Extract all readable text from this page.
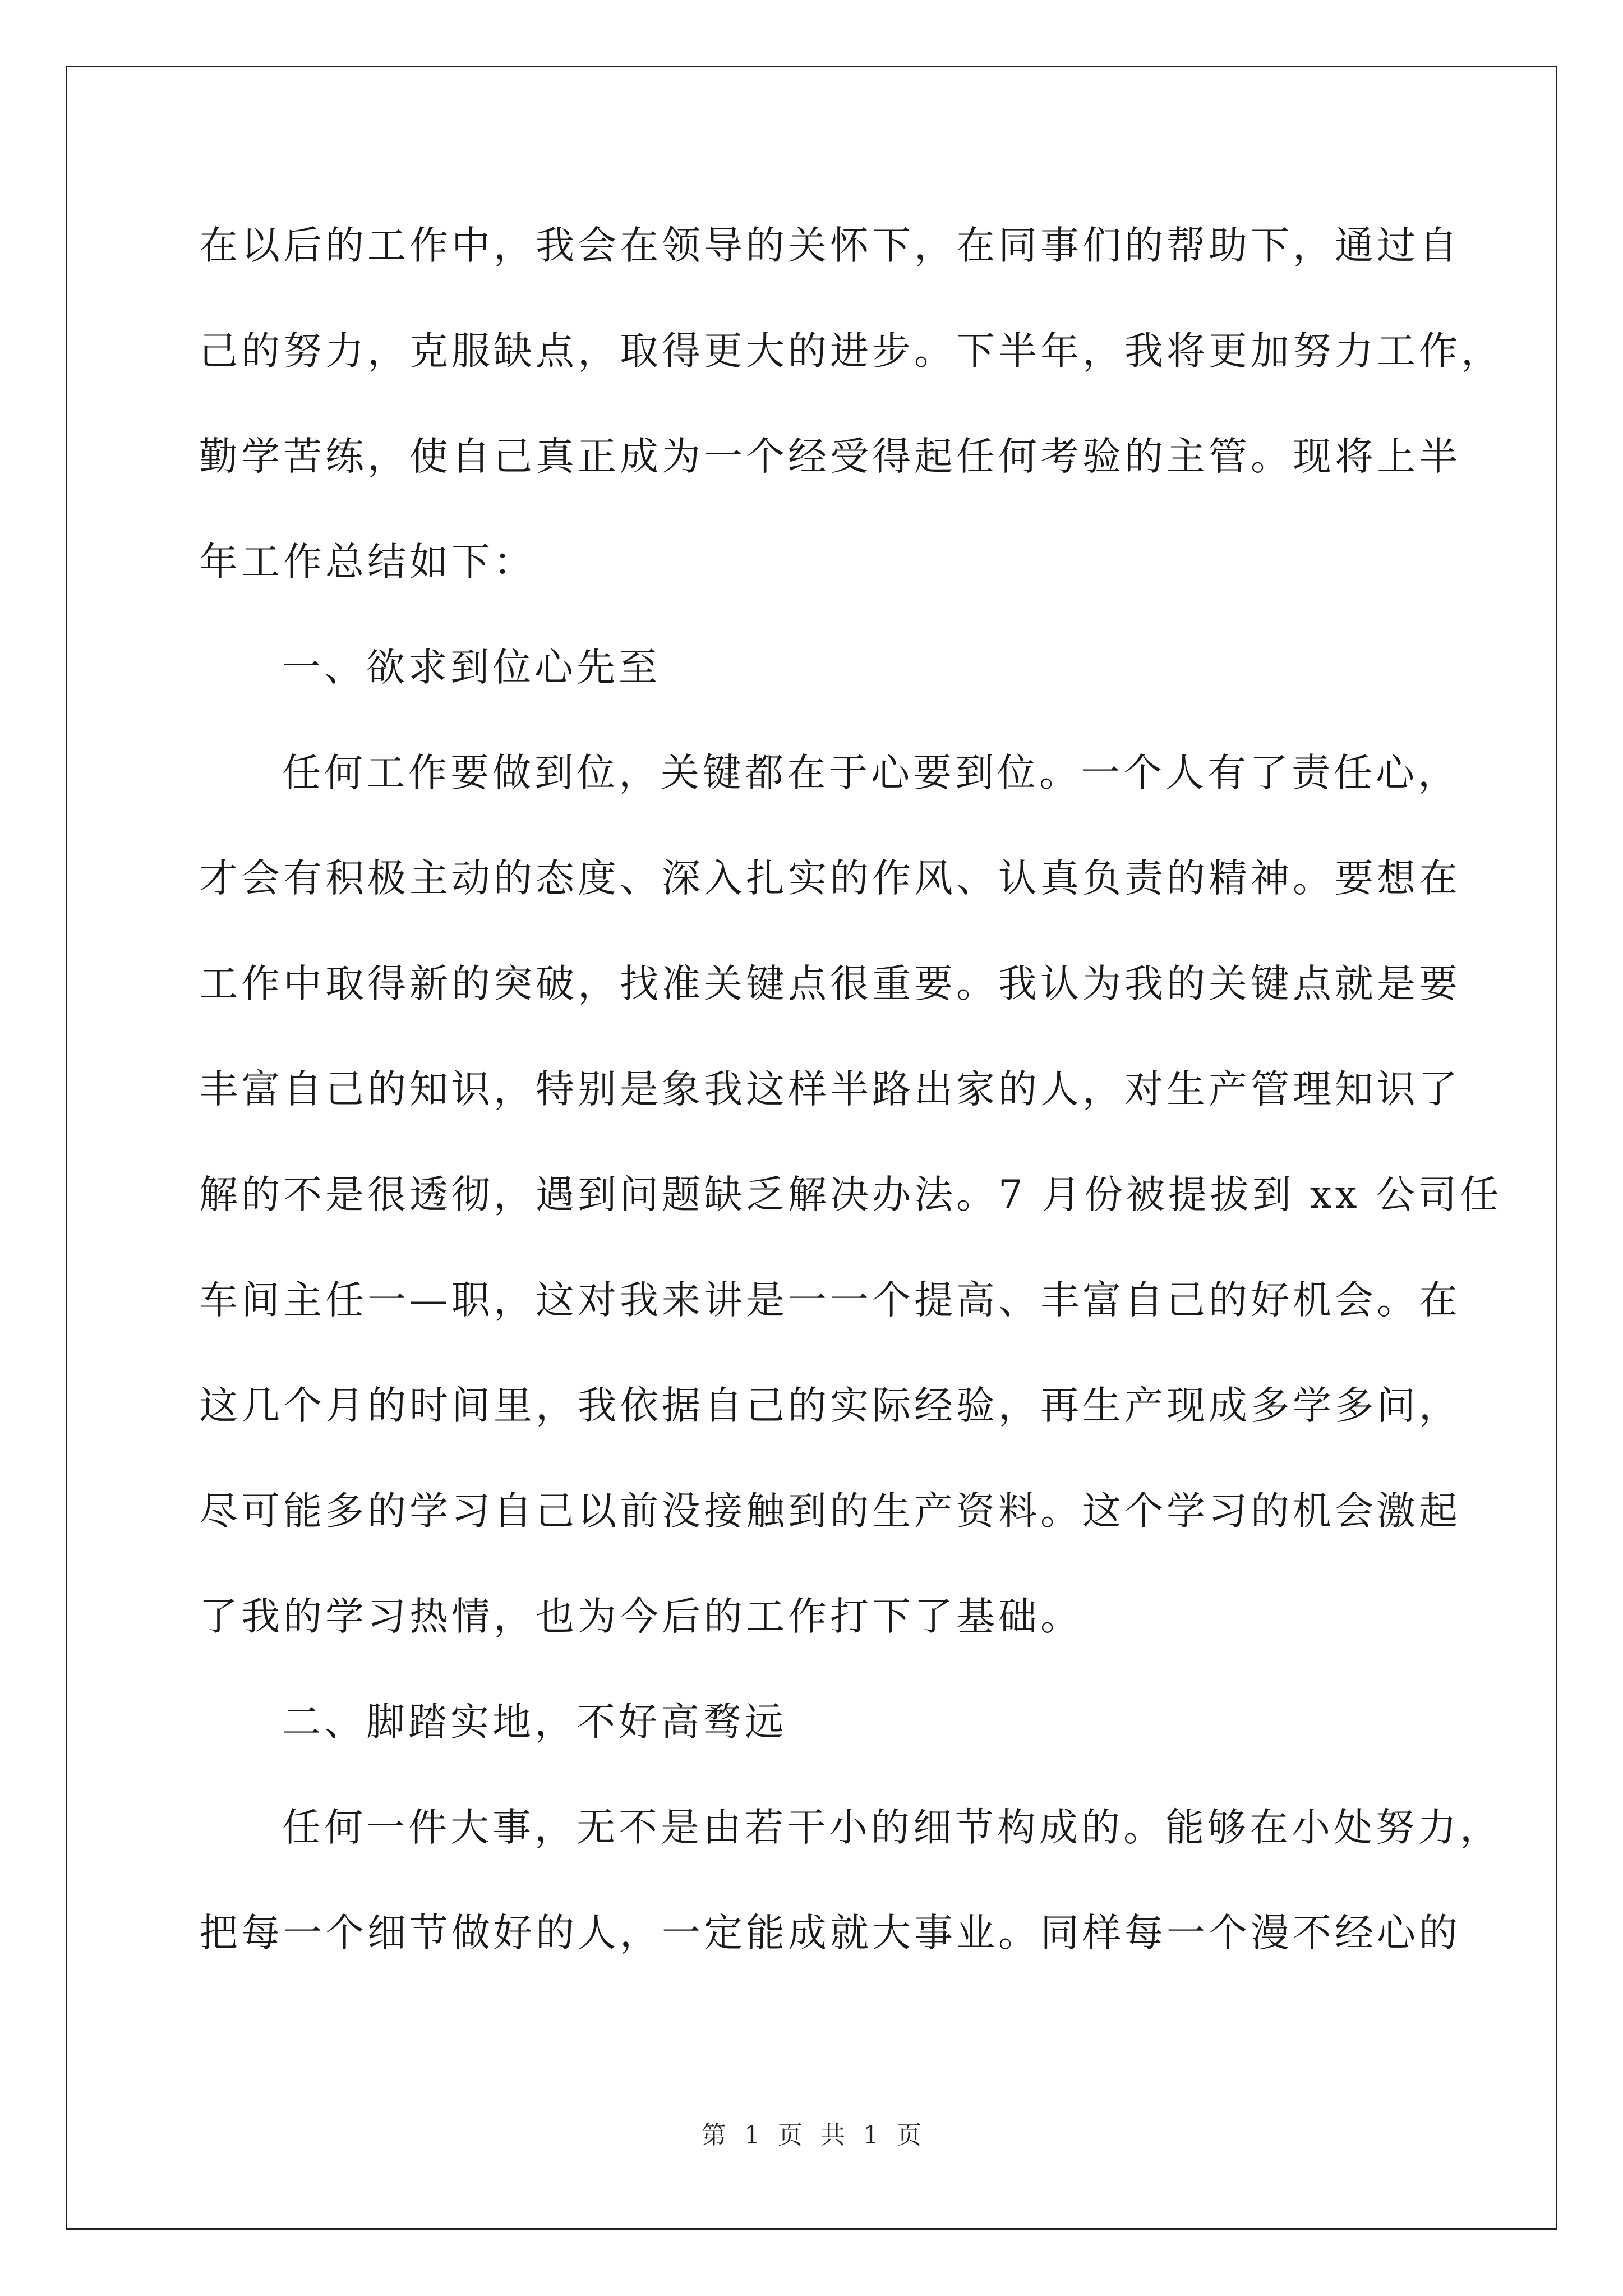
在以后的工作中，我会在领导的关怀下，在同事们的帮助下，通过自
己的努力，克服缺点，取得更大的进步。下半年，我将更加努力工作，
勤学苦练，使自己真正成为一个经受得起任何考验的主管。现将上半
年工作总结如下：
一、欲求到位心先至
任何工作要做到位，关键都在于心要到位。一个人有了责任心，
才会有积极主动的态度、深入扎实的作风、认真负责的精神。要想在
工作中取得新的突破，找准关键点很重要。我认为我的关键点就是要
丰富自己的知识，特别是象我这样半路出家的人，对生产管理知识了
解的不是很透彻，遇到问题缺乏解决办法。7 月份被提拔到 xx 公司任
车间主任一—职，这对我来讲是一一个提高、丰富自己的好机会。在
这几个月的时间里，我依据自己的实际经验，再生产现成多学多问，
尽可能多的学习自己以前没接触到的生产资料。这个学习的机会激起
了我的学习热情，也为今后的工作打下了基础。
二、脚踏实地，不好高骛远
任何一件大事，无不是由若干小的细节构成的。能够在小处努力，
把每一个细节做好的人，一定能成就大事业。同样每一个漫不经心的
第 1 页 共 1 页
